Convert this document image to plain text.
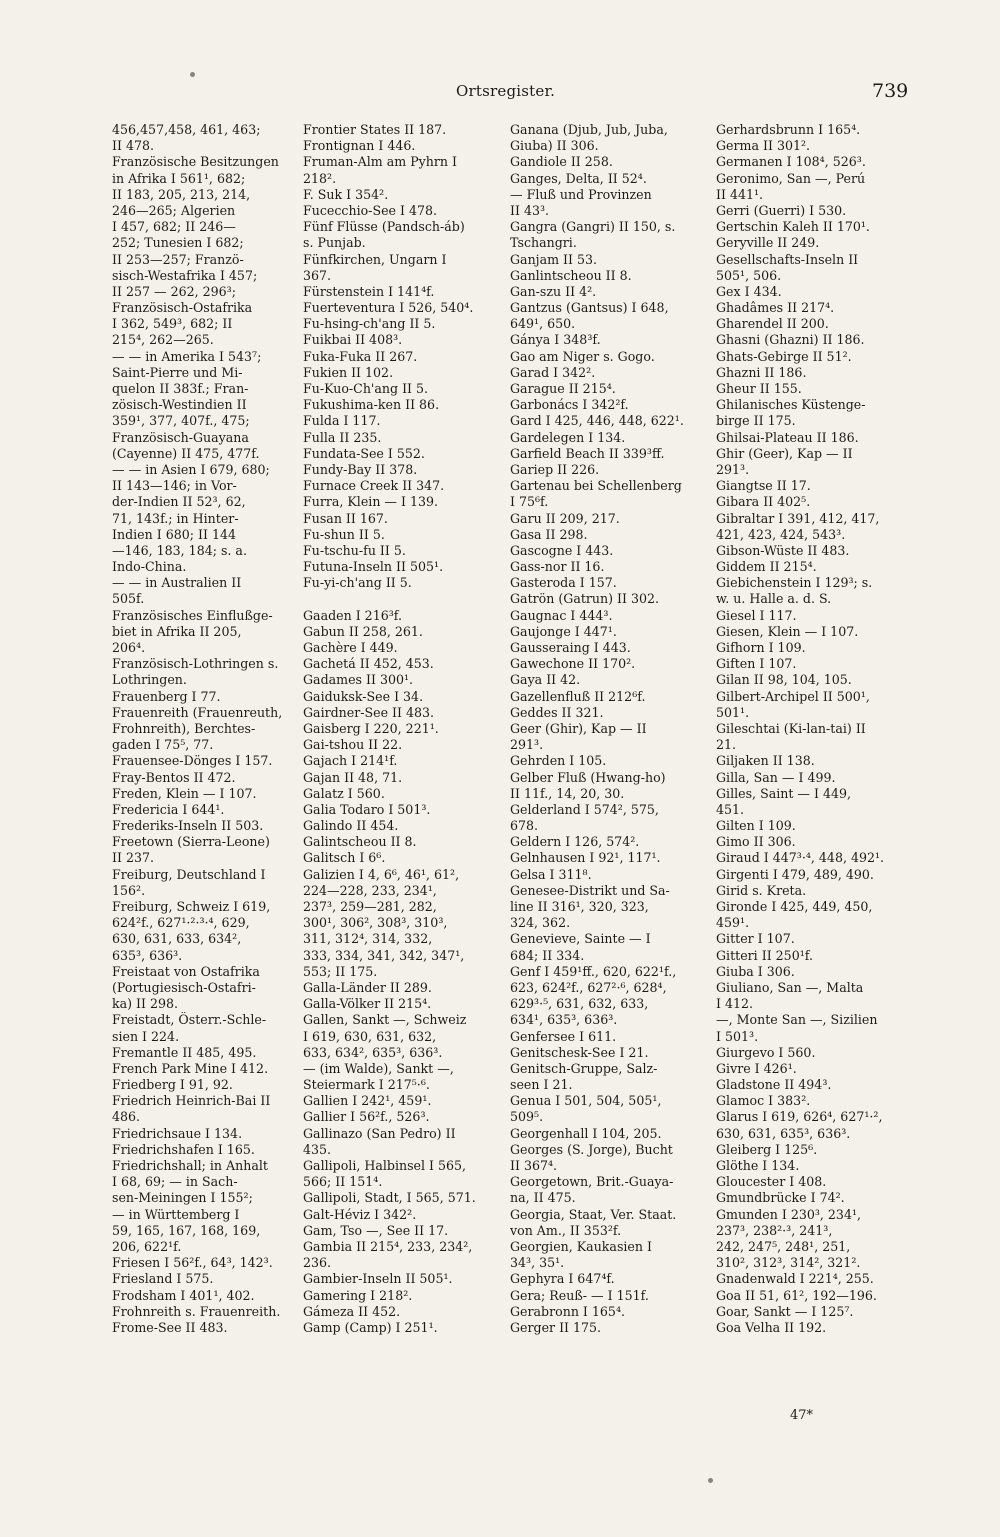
Ortsregister.	739
456,457,458, 461, 463;
II 478.
Französische Besitzungen
in Afrika I 561¹, 682;
II 183, 205, 213, 214,
246—265; Algerien
I 457, 682; II 246—
252; Tunesien I 682;
II 253—257; Franzö-
sisch-Westafrika I 457;
II 257 — 262, 296³;
Französisch-Ostafrika
I 362, 549³, 682; II
215⁴, 262—265.
— — in Amerika I 543⁷;
Saint-Pierre und Mi-
quelon II 383f.; Fran-
zösisch-Westindien II
359¹, 377, 407f., 475;
Französisch-Guayana
(Cayenne) II 475, 477f.
— — in Asien I 679, 680;
II 143—146; in Vor-
der-Indien II 52³, 62,
71, 143f.; in Hinter-
Indien I 680; II 144
—146, 183, 184; s. a.
Indo-China.
— — in Australien II
505f.
Französisches Einflußge-
biet in Afrika II 205,
206⁴.
Französisch-Lothringen s.
Lothringen.
Frauenberg I 77.
Frauenreith (Frauenreuth,
Frohnreith), Berchtes-
gaden I 75⁵, 77.
Frauensee-Dönges I 157.
Fray-Bentos II 472.
Freden, Klein — I 107.
Fredericia I 644¹.
Frederiks-Inseln II 503.
Freetown (Sierra-Leone)
II 237.
Freiburg, Deutschland I
156².
Freiburg, Schweiz I 619,
624²f., 627¹·²·³·⁴, 629,
630, 631, 633, 634²,
635³, 636³.
Freistaat von Ostafrika
(Portugiesisch-Ostafri-
ka) II 298.
Freistadt, Österr.-Schle-
sien I 224.
Fremantle II 485, 495.
French Park Mine I 412.
Friedberg I 91, 92.
Friedrich Heinrich-Bai II
486.
Friedrichsaue I 134.
Friedrichshafen I 165.
Friedrichshall; in Anhalt
I 68, 69; — in Sach-
sen-Meiningen I 155²;
— in Württemberg I
59, 165, 167, 168, 169,
206, 622¹f.
Friesen I 56²f., 64³, 142³.
Friesland I 575.
Frodsham I 401¹, 402.
Frohnreith s. Frauenreith.
Frome-See II 483.
Frontier States II 187.
Frontignan I 446.
Fruman-Alm am Pyhrn I
218².
F. Suk I 354².
Fucecchio-See I 478.
Fünf Flüsse (Pandsch-áb)
s. Punjab.
Fünfkirchen, Ungarn I
367.
Fürstenstein I 141⁴f.
Fuerteventura I 526, 540⁴.
Fu-hsing-ch'ang II 5.
Fuikbai II 408³.
Fuka-Fuka II 267.
Fukien II 102.
Fu-Kuo-Ch'ang II 5.
Fukushima-ken II 86.
Fulda I 117.
Fulla II 235.
Fundata-See I 552.
Fundy-Bay II 378.
Furnace Creek II 347.
Furra, Klein — I 139.
Fusan II 167.
Fu-shun II 5.
Fu-tschu-fu II 5.
Futuna-Inseln II 505¹.
Fu-yi-ch'ang II 5.
Gaaden I 216³f.
Gabun II 258, 261.
Gachère I 449.
Gachetá II 452, 453.
Gadames II 300¹.
Gaiduksk-See I 34.
Gairdner-See II 483.
Gaisberg I 220, 221¹.
Gai-tshou II 22.
Gajach I 214¹f.
Gajan II 48, 71.
Galatz I 560.
Galia Todaro I 501³.
Galindo II 454.
Galintscheou II 8.
Galitsch I 6⁶.
Galizien I 4, 6⁶, 46¹, 61²,
224—228, 233, 234¹,
237³, 259—281, 282,
300¹, 306², 308³, 310³,
311, 312⁴, 314, 332,
333, 334, 341, 342, 347¹,
553; II 175.
Galla-Länder II 289.
Galla-Völker II 215⁴.
Gallen, Sankt —, Schweiz
I 619, 630, 631, 632,
633, 634², 635³, 636³.
— (im Walde), Sankt —,
Steiermark I 217⁵·⁶.
Gallien I 242¹, 459¹.
Gallier I 56²f., 526³.
Gallinazo (San Pedro) II
435.
Gallipoli, Halbinsel I 565,
566; II 151⁴.
Gallipoli, Stadt, I 565, 571.
Galt-Héviz I 342².
Gam, Tso —, See II 17.
Gambia II 215⁴, 233, 234²,
236.
Gambier-Inseln II 505¹.
Gamering I 218².
Gámeza II 452.
Gamp (Camp) I 251¹.
Ganana (Djub, Jub, Juba,
Giuba) II 306.
Gandiole II 258.
Ganges, Delta, II 52⁴.
— Fluß und Provinzen
II 43³.
Gangra (Gangri) II 150, s.
Tschangri.
Ganjam II 53.
Ganlintscheou II 8.
Gan-szu II 4².
Gantzus (Gantsus) I 648,
649¹, 650.
Gánya I 348³f.
Gao am Niger s. Gogo.
Garad I 342².
Garague II 215⁴.
Garbonács I 342²f.
Gard I 425, 446, 448, 622¹.
Gardelegen I 134.
Garfield Beach II 339³ff.
Gariep II 226.
Gartenau bei Schellenberg
I 75⁶f.
Garu II 209, 217.
Gasa II 298.
Gascogne I 443.
Gass-nor II 16.
Gasteroda I 157.
Gatrön (Gatrun) II 302.
Gaugnac I 444³.
Gaujonge I 447¹.
Gausseraing I 443.
Gawechone II 170².
Gaya II 42.
Gazellenfluß II 212⁶f.
Geddes II 321.
Geer (Ghir), Kap — II
291³.
Gehrden I 105.
Gelber Fluß (Hwang-ho)
II 11f., 14, 20, 30.
Gelderland I 574², 575,
678.
Geldern I 126, 574².
Gelnhausen I 92¹, 117¹.
Gelsa I 311⁸.
Genesee-Distrikt und Sa-
line II 316¹, 320, 323,
324, 362.
Genevieve, Sainte — I
684; II 334.
Genf I 459¹ff., 620, 622¹f.,
623, 624²f., 627²·⁶, 628⁴,
629³·⁵, 631, 632, 633,
634¹, 635³, 636³.
Genfersee I 611.
Genitschesk-See I 21.
Genitsch-Gruppe, Salz-
seen I 21.
Genua I 501, 504, 505¹,
509⁵.
Georgenhall I 104, 205.
Georges (S. Jorge), Bucht
II 367⁴.
Georgetown, Brit.-Guaya-
na, II 475.
Georgia, Staat, Ver. Staat.
von Am., II 353²f.
Georgien, Kaukasien I
34³, 35¹.
Gephyra I 647⁴f.
Gera; Reuß- — I 151f.
Gerabronn I 165⁴.
Gerger II 175.
Gerhardsbrunn I 165⁴.
Germa II 301².
Germanen I 108⁴, 526³.
Geronimo, San —, Perú
II 441¹.
Gerri (Guerri) I 530.
Gertschin Kaleh II 170¹.
Geryville II 249.
Gesellschafts-Inseln II
505¹, 506.
Gex I 434.
Ghadâmes II 217⁴.
Gharendel II 200.
Ghasni (Ghazni) II 186.
Ghats-Gebirge II 51².
Ghazni II 186.
Gheur II 155.
Ghilanisches Küstenge-
birge II 175.
Ghilsai-Plateau II 186.
Ghir (Geer), Kap — II
291³.
Giangtse II 17.
Gibara II 402⁵.
Gibraltar I 391, 412, 417,
421, 423, 424, 543³.
Gibson-Wüste II 483.
Giddem II 215⁴.
Giebichenstein I 129³; s.
w. u. Halle a. d. S.
Giesel I 117.
Giesen, Klein — I 107.
Gifhorn I 109.
Giften I 107.
Gilan II 98, 104, 105.
Gilbert-Archipel II 500¹,
501¹.
Gileschtai (Ki-lan-tai) II
21.
Giljaken II 138.
Gilla, San — I 499.
Gilles, Saint — I 449,
451.
Gilten I 109.
Gimo II 306.
Giraud I 447³·⁴, 448, 492¹.
Girgenti I 479, 489, 490.
Girid s. Kreta.
Gironde I 425, 449, 450,
459¹.
Gitter I 107.
Gitteri II 250¹f.
Giuba I 306.
Giuliano, San —, Malta
I 412.
—, Monte San —, Sizilien
I 501³.
Giurgevo I 560.
Givre I 426¹.
Gladstone II 494³.
Glamoc I 383².
Glarus I 619, 626⁴, 627¹·²,
630, 631, 635³, 636³.
Gleiberg I 125⁶.
Glöthe I 134.
Gloucester I 408.
Gmundbrücke I 74².
Gmunden I 230³, 234¹,
237³, 238²·³, 241³,
242, 247⁵, 248¹, 251,
310², 312³, 314², 321².
Gnadenwald I 221⁴, 255.
Goa II 51, 61², 192—196.
Goar, Sankt — I 125⁷.
Goa Velha II 192.
47*
